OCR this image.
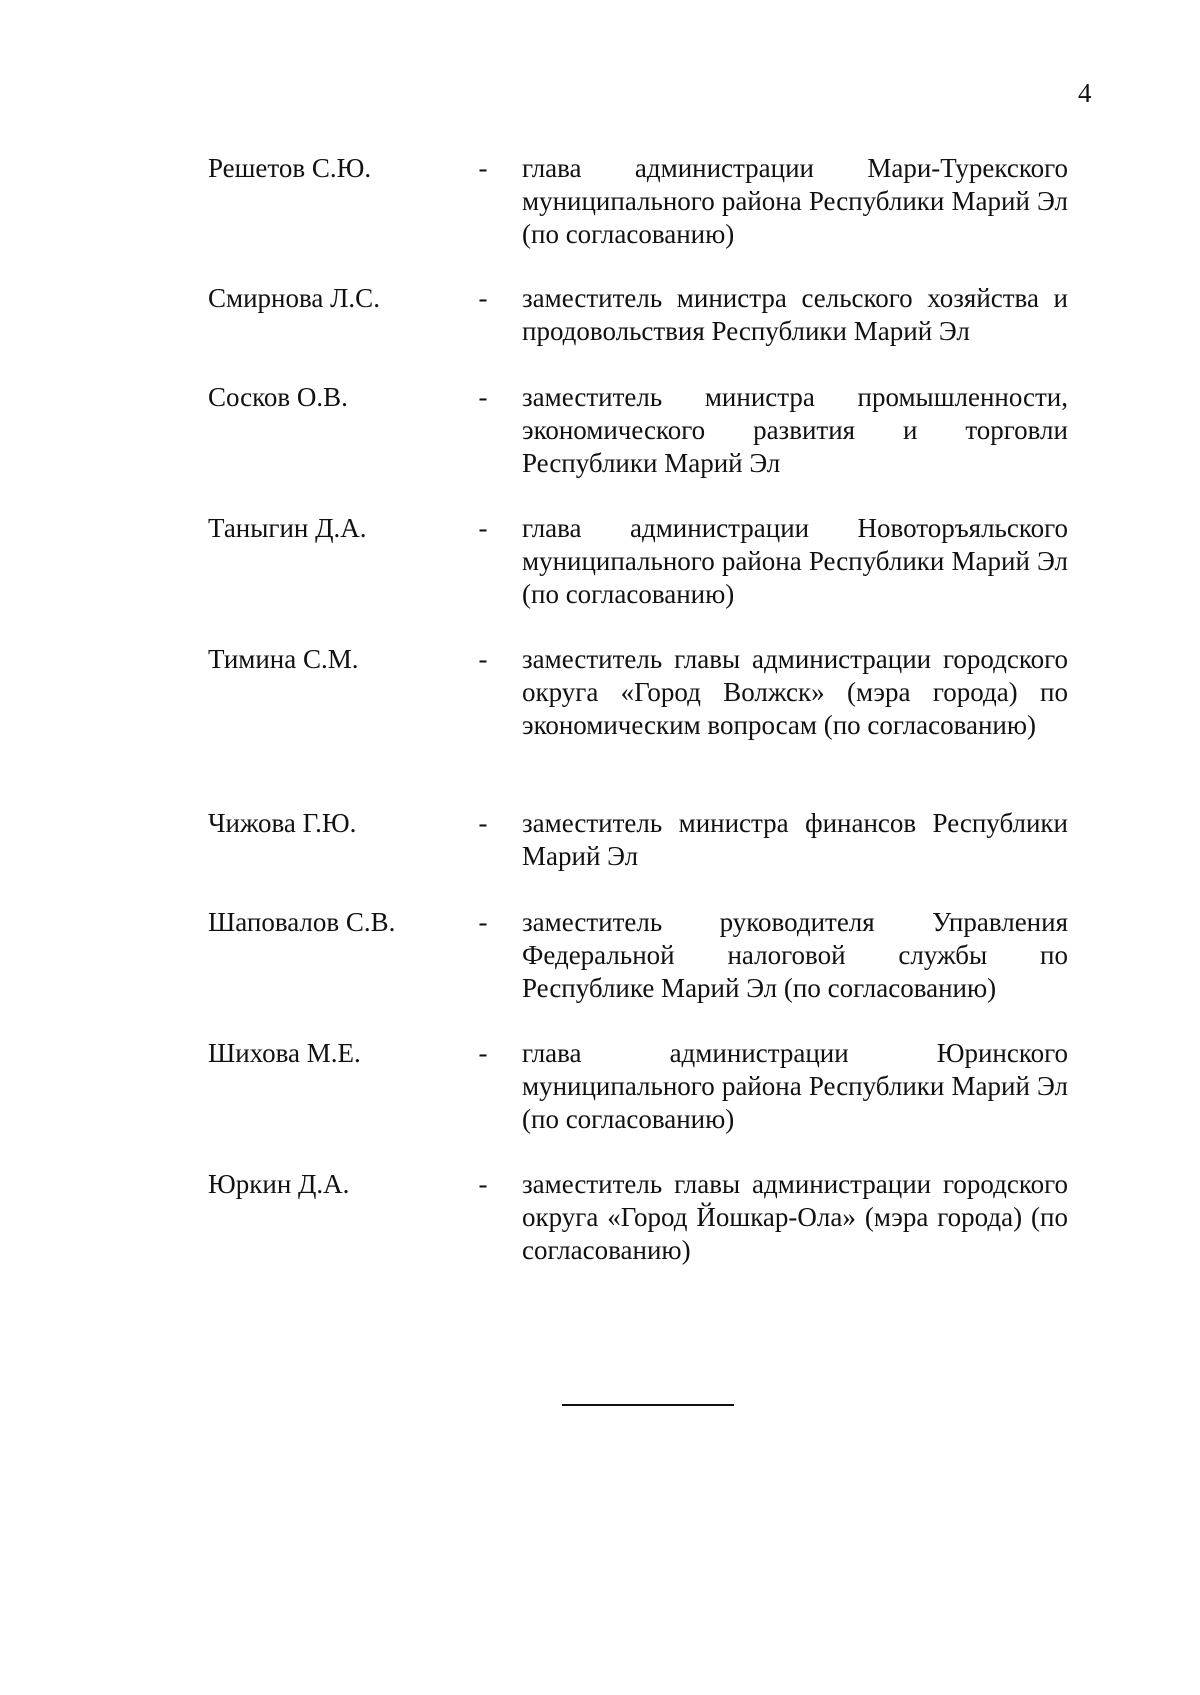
4
Решетов С.Ю.	- глава администрации Мари-Турекского муниципального района Республики Марий Эл (по согласованию)
Смирнова Л.С.	- заместитель министра сельского хозяйства и продовольствия Республики Марий Эл
Сосков О.В.	- заместитель министра промышленности, экономического развития и торговли Республики Марий Эл
Таныгин Д.А.	- глава администрации Новоторъяльского муниципального района Республики Марий Эл (по согласованию)
Тимина С.М.	- заместитель главы администрации городского округа «Город Волжск» (мэра города) по экономическим вопросам (по согласованию)
Чижова Г.Ю.	- заместитель министра финансов Республики Марий Эл
Шаповалов С.В.	- заместитель руководителя Управления Федеральной налоговой службы по Республике Марий Эл (по согласованию)
Шихова М.Е.	- глава администрации Юринского муниципального района Республики Марий Эл (по согласованию)
Юркин Д.А.	- заместитель главы администрации городского округа «Город Йошкар-Ола» (мэра города) (по согласованию)
